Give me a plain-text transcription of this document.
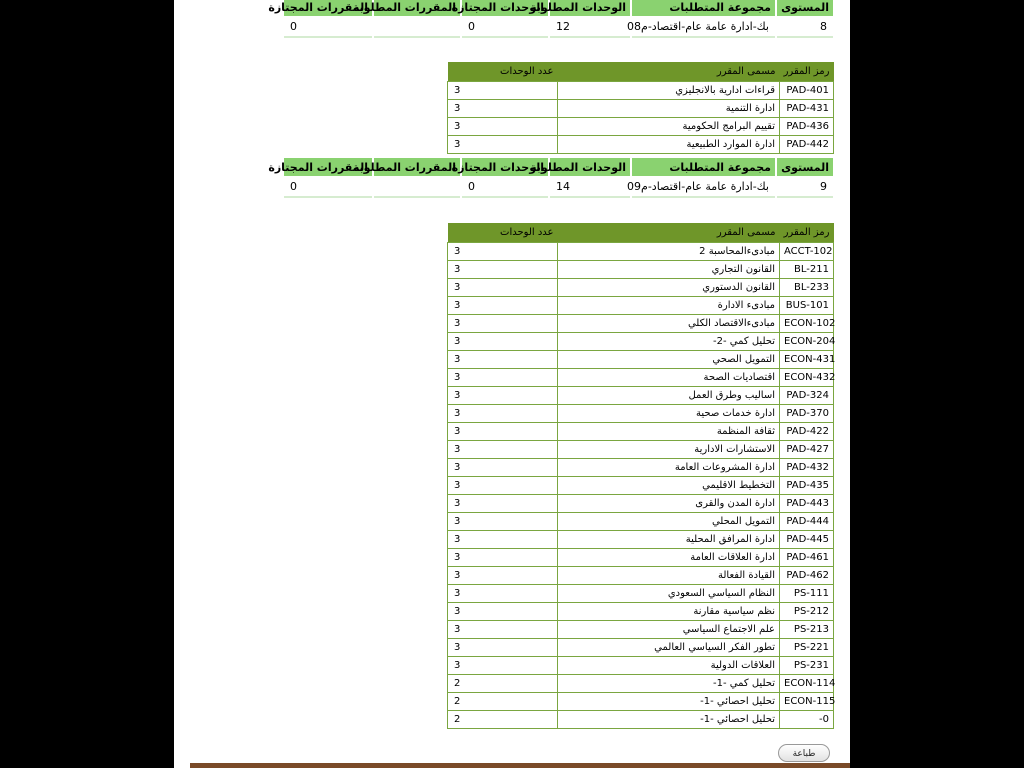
المستوى	مجموعة المتطلبات	الوحدات المطلوبة	الوحدات المجتازة	المقررات المطلوبة	المقررات المجتازة
8	بك-ادارة عامة عام-اقتصاد-م08	12	0		0
رمز المقرر	مسمى المقرر	عدد الوحدات
PAD-401	قراءات ادارية بالانجليزي	3
PAD-431	ادارة التنمية	3
PAD-436	تقييم البرامج الحكومية	3
PAD-442	ادارة الموارد الطبيعية	3
المستوى	مجموعة المتطلبات	الوحدات المطلوبة	الوحدات المجتازة	المقررات المطلوبة	المقررات المجتازة
9	بك-ادارة عامة عام-اقتصاد-م09	14	0		0
رمز المقرر	مسمى المقرر	عدد الوحدات
ACCT-102	مبادىءالمحاسبة 2	3
BL-211	القانون التجاري	3
BL-233	القانون الدستوري	3
BUS-101	مبادىء الادارة	3
ECON-102	مبادىءالاقتصاد الكلي	3
ECON-204	تحليل كمي -2-	3
ECON-431	التمويل الصحي	3
ECON-432	اقتصاديات الصحة	3
PAD-324	اساليب وطرق العمل	3
PAD-370	ادارة خدمات صحية	3
PAD-422	ثقافة المنظمة	3
PAD-427	الاستشارات الادارية	3
PAD-432	ادارة المشروعات العامة	3
PAD-435	التخطيط الاقليمي	3
PAD-443	ادارة المدن والقرى	3
PAD-444	التمويل المحلي	3
PAD-445	ادارة المرافق المحلية	3
PAD-461	ادارة العلاقات العامة	3
PAD-462	القيادة الفعالة	3
PS-111	النظام السياسي السعودي	3
PS-212	نظم سياسية مقارنة	3
PS-213	علم الاجتماع السياسي	3
PS-221	تطور الفكر السياسي العالمي	3
PS-231	العلاقات الدولية	3
ECON-114	تحليل كمي -1-	2
ECON-115	تحليل احصائي -1-	2
-0	تحليل احصائي -1-	2
طباعة
